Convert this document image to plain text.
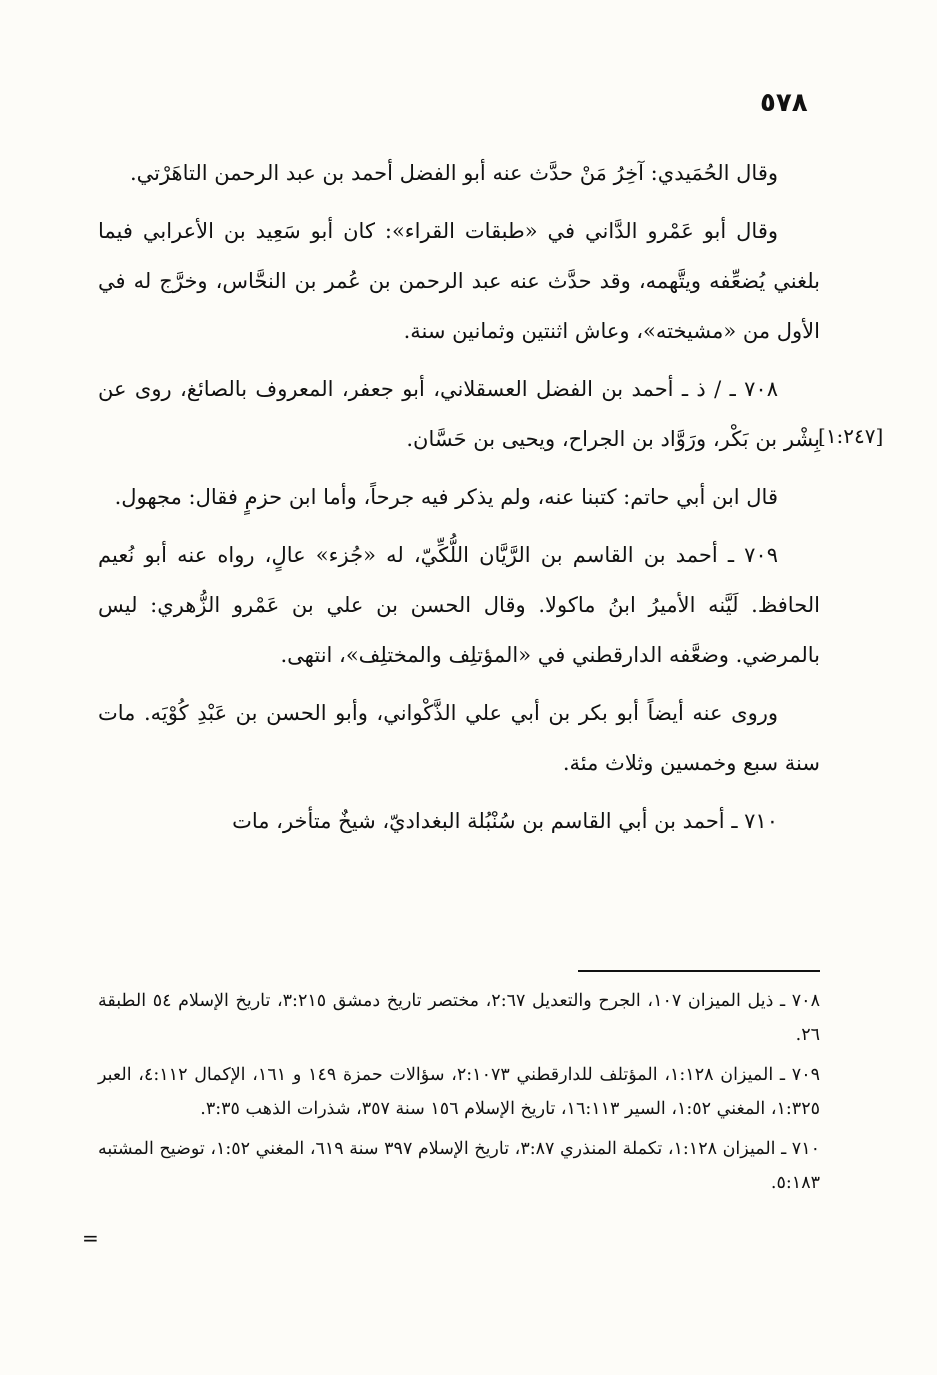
٥٧٨
[١:٢٤٧]

وقال الحُمَيدي: آخِرُ مَنْ حدَّث عنه أبو الفضل أحمد بن عبد الرحمن التاهَرْتي.

وقال أبو عَمْرو الدَّاني في «طبقات القراء»: كان أبو سَعِيد بن الأعرابي فيما بلغني يُضعِّفه ويتَّهمه، وقد حدَّث عنه عبد الرحمن بن عُمر بن النحَّاس، وخرَّج له في الأول من «مشيخته»، وعاش اثنتين وثمانين سنة.

٧٠٨ ـ / ذ ـ أحمد بن الفضل العسقلاني، أبو جعفر، المعروف بالصائغ، روى عن بِشْر بن بَكْر، ورَوَّاد بن الجراح، ويحيى بن حَسَّان.

قال ابن أبي حاتم: كتبنا عنه، ولم يذكر فيه جرحاً، وأما ابن حزمٍ فقال: مجهول.

٧٠٩ ـ أحمد بن القاسم بن الرَّيَّان اللُّكِّيّ، له «جُزء» عالٍ، رواه عنه أبو نُعيم الحافظ. لَيَّنه الأميرُ ابنُ ماكولا. وقال الحسن بن علي بن عَمْرو الزُّهري: ليس بالمرضي. وضعَّفه الدارقطني في «المؤتلِف والمختلِف»، انتهى.

وروى عنه أيضاً أبو بكر بن أبي علي الذَّكْواني، وأبو الحسن بن عَبْدِ كُوْيَه. مات سنة سبع وخمسين وثلاث مئة.

٧١٠ ـ أحمد بن أبي القاسم بن سُنْبُلة البغداديّ، شيخٌ متأخر، مات

٧٠٨ ـ ذيل الميزان ١٠٧، الجرح والتعديل ٢:٦٧، مختصر تاريخ دمشق ٣:٢١٥، تاريخ الإسلام ٥٤ الطبقة ٢٦.

٧٠٩ ـ الميزان ١:١٢٨، المؤتلف للدارقطني ٢:١٠٧٣، سؤالات حمزة ١٤٩ و ١٦١، الإكمال ٤:١١٢، العبر ١:٣٢٥، المغني ١:٥٢، السير ١٦:١١٣، تاريخ الإسلام ١٥٦ سنة ٣٥٧، شذرات الذهب ٣:٣٥.

٧١٠ ـ الميزان ١:١٢٨، تكملة المنذري ٣:٨٧، تاريخ الإسلام ٣٩٧ سنة ٦١٩، المغني ١:٥٢، توضيح المشتبه ٥:١٨٣.

=
